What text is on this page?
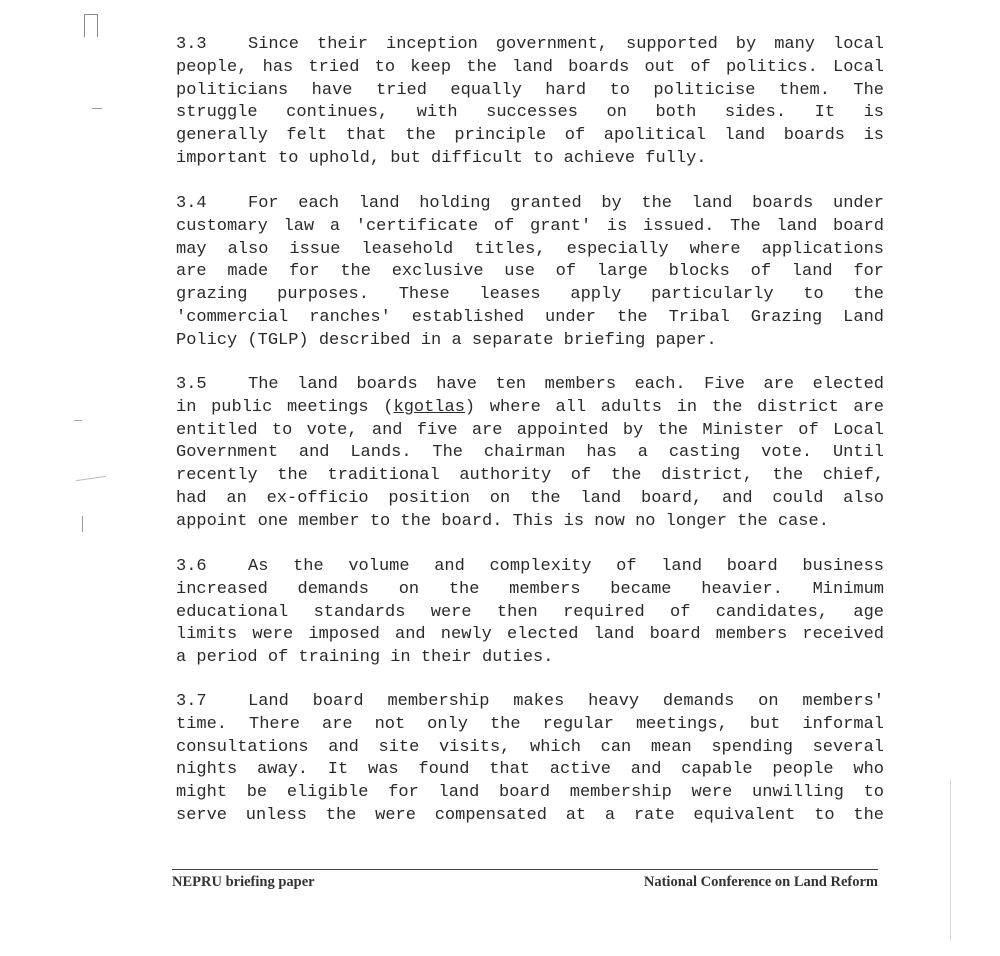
3.3 Since their inception government, supported by many local
people, has tried to keep the land boards out of politics. Local
politicians have tried equally hard to politicise them. The
struggle continues, with successes on both sides. It is
generally felt that the principle of apolitical land boards is
important to uphold, but difficult to achieve fully.

3.4 For each land holding granted by the land boards under
customary law a 'certificate of grant' is issued. The land board
may also issue leasehold titles, especially where applications
are made for the exclusive use of large blocks of land for
grazing purposes. These leases apply particularly to the
'commercial ranches' established under the Tribal Grazing Land
Policy (TGLP) described in a separate briefing paper.

3.5 The land boards have ten members each. Five are elected
in public meetings (kgotlas) where all adults in the district are
entitled to vote, and five are appointed by the Minister of Local
Government and Lands. The chairman has a casting vote. Until
recently the traditional authority of the district, the chief,
had an ex-officio position on the land board, and could also
appoint one member to the board. This is now no longer the case.

3.6 As the volume and complexity of land board business
increased demands on the members became heavier. Minimum
educational standards were then required of candidates, age
limits were imposed and newly elected land board members received
a period of training in their duties.

3.7 Land board membership makes heavy demands on members'
time. There are not only the regular meetings, but informal
consultations and site visits, which can mean spending several
nights away. It was found that active and capable people who
might be eligible for land board membership were unwilling to
serve unless the were compensated at a rate equivalent to the

NEPRU briefing paper	National Conference on Land Reform
